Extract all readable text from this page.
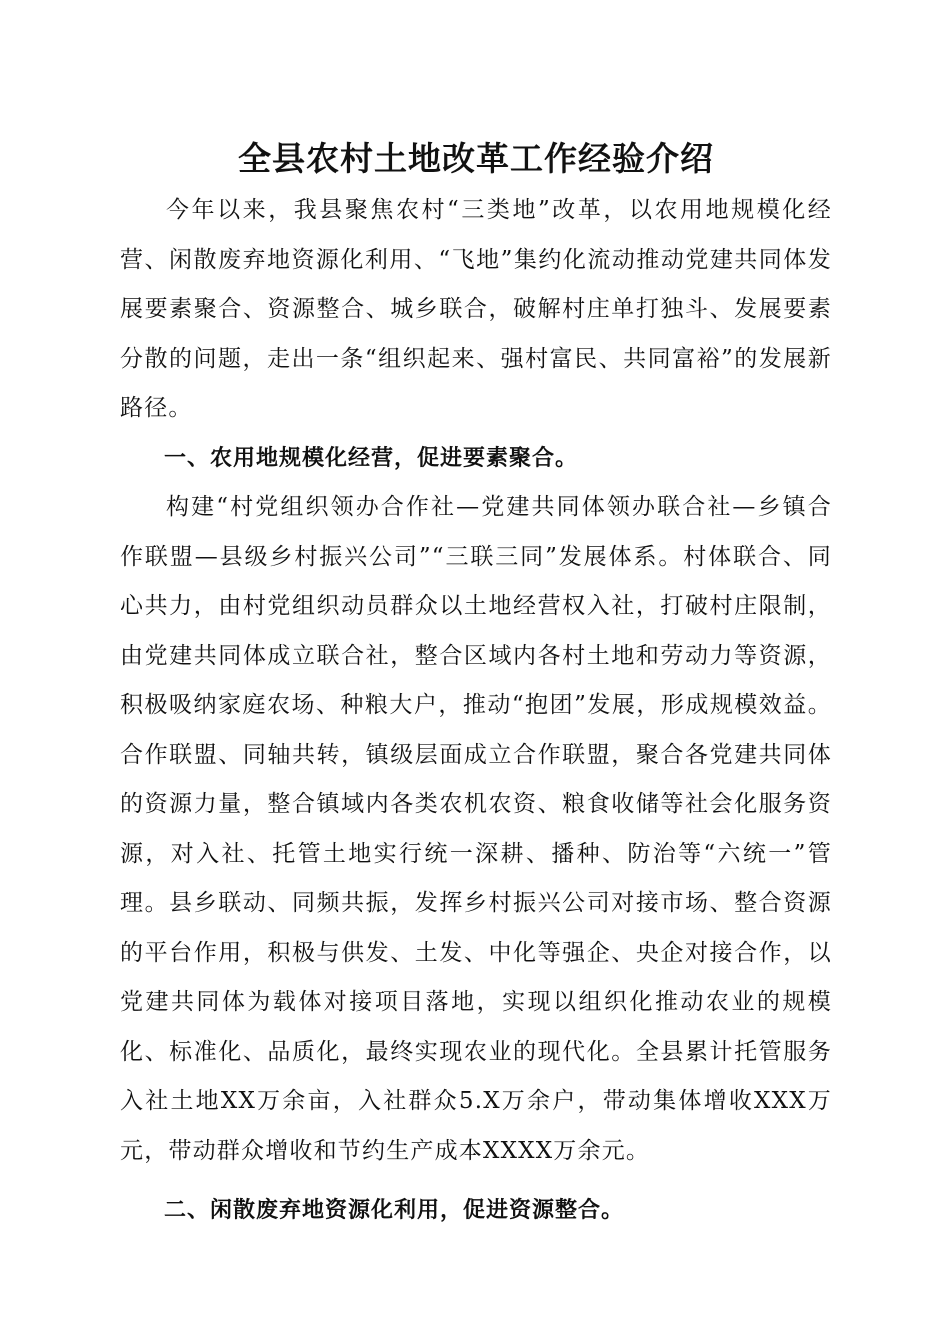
全县农村土地改革工作经验介绍

今年以来，我县聚焦农村“三类地”改革，以农用地规模化经营、闲散废弃地资源化利用、“飞地”集约化流动推动党建共同体发展要素聚合、资源整合、城乡联合，破解村庄单打独斗、发展要素分散的问题，走出一条“组织起来、强村富民、共同富裕”的发展新路径。

一、农用地规模化经营，促进要素聚合。

构建“村党组织领办合作社—党建共同体领办联合社—乡镇合作联盟—县级乡村振兴公司”“三联三同”发展体系。村体联合、同心共力，由村党组织动员群众以土地经营权入社，打破村庄限制，由党建共同体成立联合社，整合区域内各村土地和劳动力等资源，积极吸纳家庭农场、种粮大户，推动“抱团”发展，形成规模效益。合作联盟、同轴共转，镇级层面成立合作联盟，聚合各党建共同体的资源力量，整合镇域内各类农机农资、粮食收储等社会化服务资源，对入社、托管土地实行统一深耕、播种、防治等“六统一”管理。县乡联动、同频共振，发挥乡村振兴公司对接市场、整合资源的平台作用，积极与供发、土发、中化等强企、央企对接合作，以党建共同体为载体对接项目落地，实现以组织化推动农业的规模化、标准化、品质化，最终实现农业的现代化。全县累计托管服务入社土地XX万余亩，入社群众5.X万余户，带动集体增收XXX万元，带动群众增收和节约生产成本XXXX万余元。

二、闲散废弃地资源化利用，促进资源整合。
